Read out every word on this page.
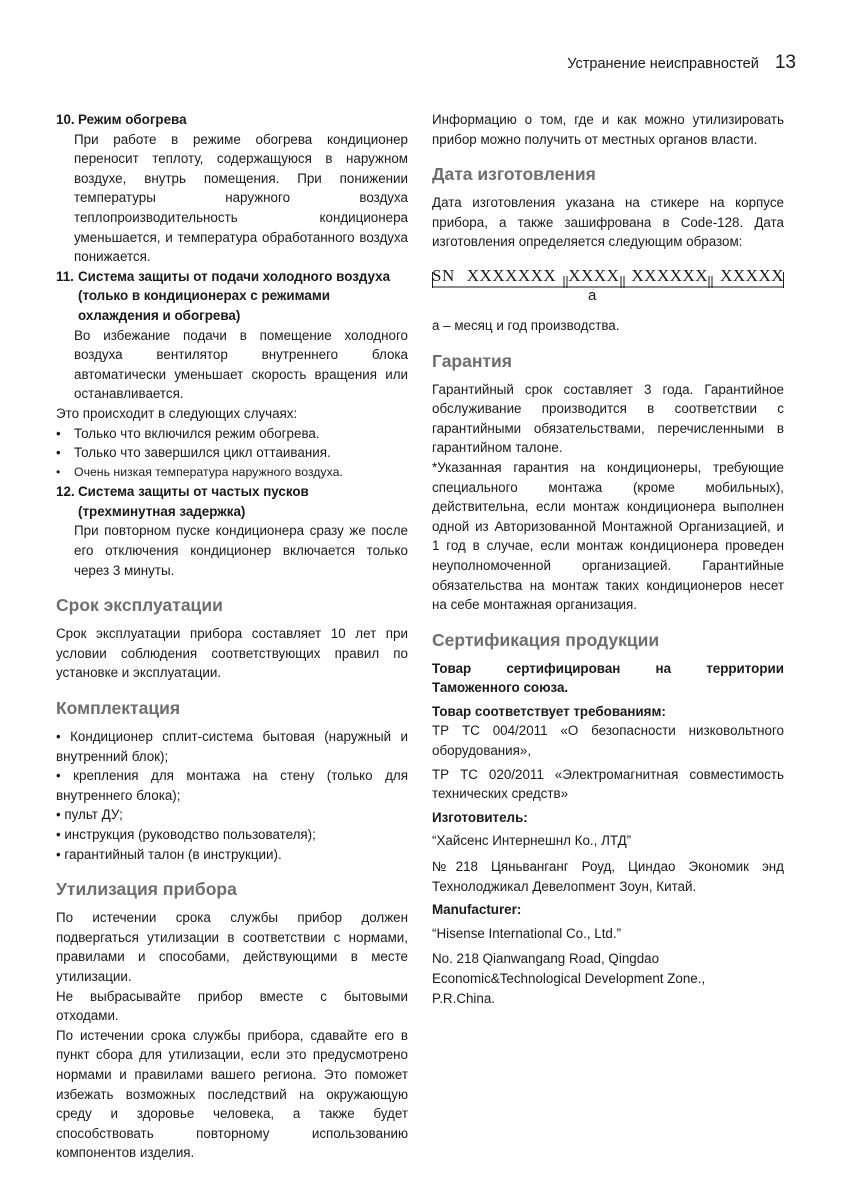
Устранение неисправностей 13
10. Режим обогрева

При работе в режиме обогрева кондиционер переносит теплоту, содержащуюся в наружном воздухе, внутрь помещения. При понижении температуры наружного воздуха теплопроизводительность кондиционера уменьшается, и температура обработанного воздуха понижается.

11. Система защиты от подачи холодного воздуха (только в кондиционерах с режимами охлаждения и обогрева)

Во избежание подачи в помещение холодного воздуха вентилятор внутреннего блока автоматически уменьшает скорость вращения или останавливается.

Это происходит в следующих случаях:

• Только что включился режим обогрева.
• Только что завершился цикл оттаивания.
•	Очень низкая температура наружного воздуха.
12. Система защиты от частых пусков (трехминутная задержка)

При повторном пуске кондиционера сразу же после его отключения кондиционер включается только через 3 минуты.

Срок эксплуатации

Срок эксплуатации прибора составляет 10 лет при условии соблюдения соответствующих правил по установке и эксплуатации.

Комплектация

• Кондиционер сплит-система бытовая (наружный и внутренний блок);

• крепления для монтажа на стену (только для внутреннего блока);

• пульт ДУ;

• инструкция (руководство пользователя);

• гарантийный талон (в инструкции).

Утилизация прибора

По истечении срока службы прибор должен подвергаться утилизации в соответствии с нормами, правилами и способами, действующими в месте утилизации.

Не выбрасывайте прибор вместе с бытовыми отходами.

По истечении срока службы прибора, сдавайте его в пункт сбора для утилизации, если это предусмотрено нормами и правилами вашего региона. Это поможет избежать возможных последствий на окружающую среду и здоровье человека, а также будет способствовать повторному использованию компонентов изделия.

Информацию о том, где и как можно утилизировать прибор можно получить от местных органов власти.

Дата изготовления

Дата изготовления указана на стикере на корпусе прибора, а также зашифрована в Code-128. Дата изготовления определяется следующим образом:

SN XXXXXXX XXXX XXXXXX XXXXX
a

a – месяц и год производства.

Гарантия

Гарантийный срок составляет 3 года. Гарантийное обслуживание производится в соответствии с гарантийными обязательствами, перечисленными в гарантийном талоне.

*Указанная гарантия на кондиционеры, требующие специального монтажа (кроме мобильных), действительна, если монтаж кондиционера выполнен одной из Авторизованной Монтажной Организацией, и 1 год в случае, если монтаж кондиционера проведен неуполномоченной организацией. Гарантийные обязательства на монтаж таких кондиционеров несет на себе монтажная организация.

Сертификация продукции

Товар сертифицирован на территории

Таможенного союза.

Товар соответствует требованиям:

ТР ТС 004/2011 «О безопасности низковольтного оборудования»,

ТР ТС 020/2011 «Электромагнитная совместимость технических средств»

Изготовитель:

“Хайсенс Интернешнл Ко., ЛТД”

№218 Цяньванганг Роуд, Циндао Экономик энд Технолоджикал Девелопмент Зоун, Китай.

Manufacturer:

“Hisense International Co., Ltd.”

No. 218 Qianwangang Road, Qingdao

Economic&Technological Development Zone.,

P.R.China.
